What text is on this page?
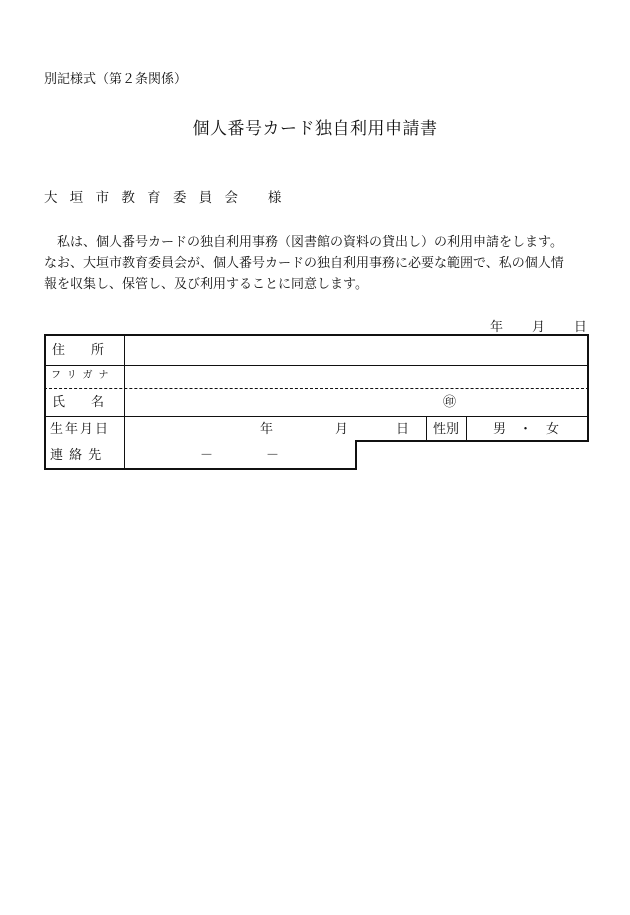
別記様式（第２条関係）
個人番号カード独自利用申請書
大 垣 市 教 育 委 員 会　 様

　私は、個人番号カードの独自利用事務（図書館の資料の貸出し）の利用申請をします。

なお、大垣市教育委員会が、個人番号カードの独自利用事務に必要な範囲で、私の個人情

報を収集し、保管し、及び利用することに同意します。

年 月 日
住　　所
フリガナ
氏　　名	㊞
生年月日	年	月	日 性別	男 ・ 女
連 絡 先	－	－
